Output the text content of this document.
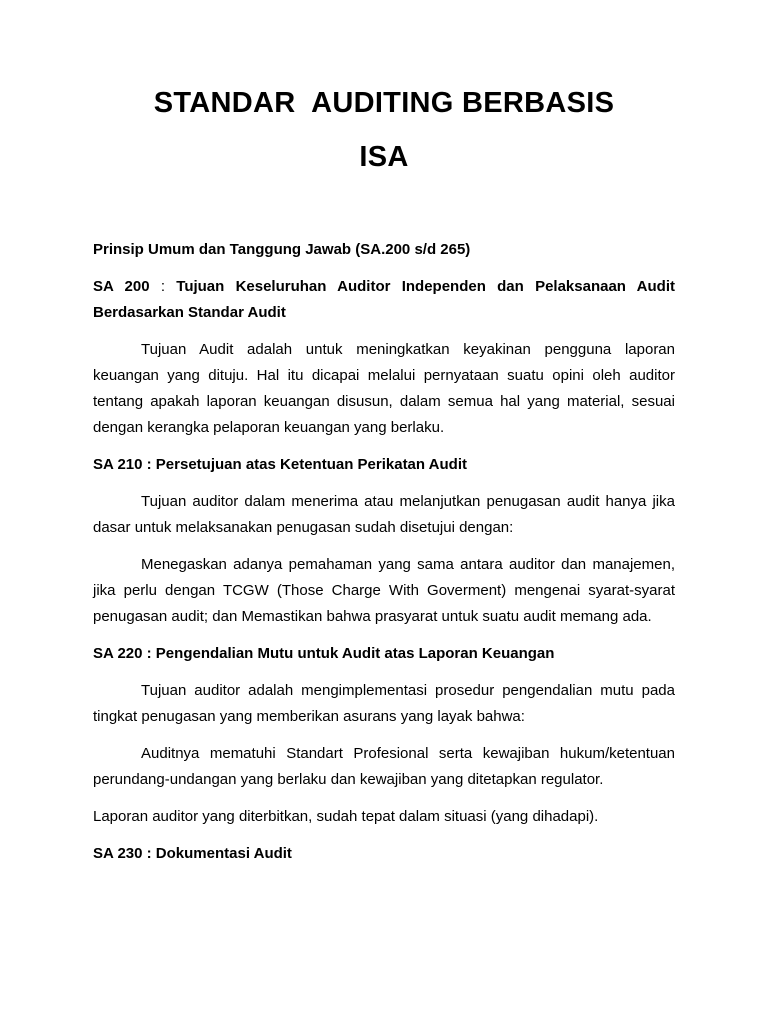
STANDAR  AUDITING BERBASIS
ISA

Prinsip Umum dan Tanggung Jawab (SA.200 s/d 265)

SA 200 : Tujuan Keseluruhan Auditor Independen dan Pelaksanaan Audit Berdasarkan Standar Audit

Tujuan Audit adalah untuk meningkatkan keyakinan pengguna laporan keuangan yang dituju. Hal itu dicapai melalui pernyataan suatu opini oleh auditor tentang apakah laporan keuangan disusun, dalam semua hal yang material, sesuai dengan kerangka pelaporan keuangan yang berlaku.

SA 210 : Persetujuan atas Ketentuan Perikatan Audit

Tujuan auditor dalam menerima atau melanjutkan penugasan audit hanya jika dasar untuk melaksanakan penugasan sudah disetujui dengan:

Menegaskan adanya pemahaman yang sama antara auditor dan manajemen, jika perlu dengan TCGW (Those Charge With Goverment) mengenai syarat-syarat penugasan audit; dan Memastikan bahwa prasyarat untuk suatu audit memang ada.

SA 220 : Pengendalian Mutu untuk Audit atas Laporan Keuangan

Tujuan auditor adalah mengimplementasi prosedur pengendalian mutu pada tingkat penugasan yang memberikan asurans yang layak bahwa:

Auditnya mematuhi Standart Profesional serta kewajiban hukum/ketentuan perundang-undangan yang berlaku dan kewajiban yang ditetapkan regulator.

Laporan auditor yang diterbitkan, sudah tepat dalam situasi (yang dihadapi).

SA 230 : Dokumentasi Audit
